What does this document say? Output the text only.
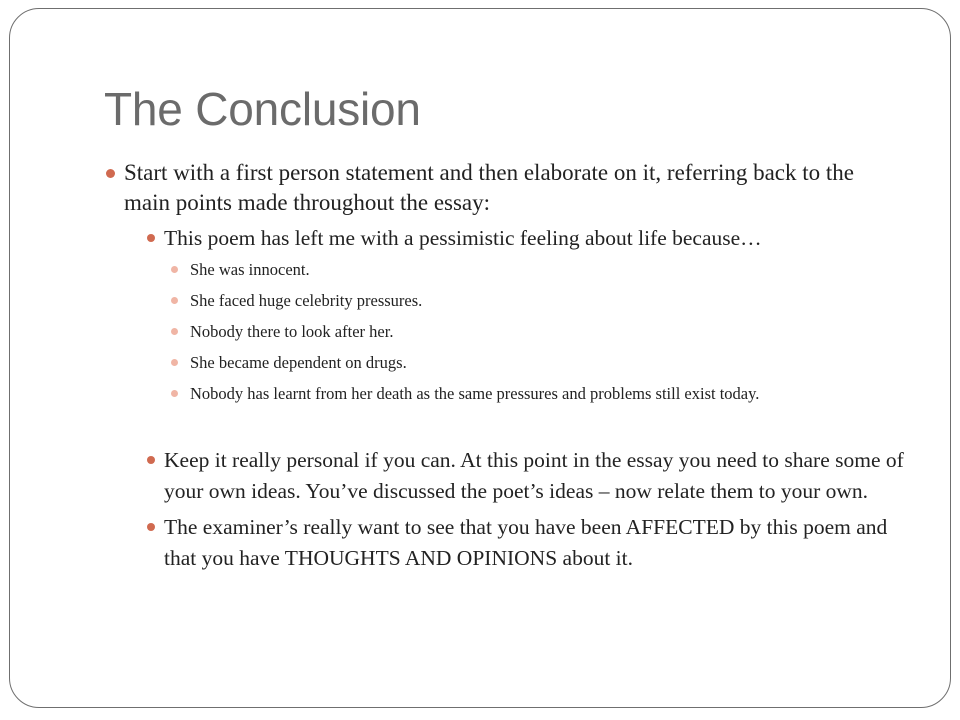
The Conclusion
Start with a first person statement and then elaborate on it, referring back to the main points made throughout the essay:
This poem has left me with a pessimistic feeling about life because…
She was innocent.
She faced huge celebrity pressures.
Nobody there to look after her.
She became dependent on drugs.
Nobody has learnt from her death as the same pressures and problems still exist today.
Keep it really personal if you can. At this point in the essay you need to share some of your own ideas. You’ve discussed the poet’s ideas – now relate them to your own.
The examiner’s really want to see that you have been AFFECTED by this poem and that you have THOUGHTS AND OPINIONS about it.
